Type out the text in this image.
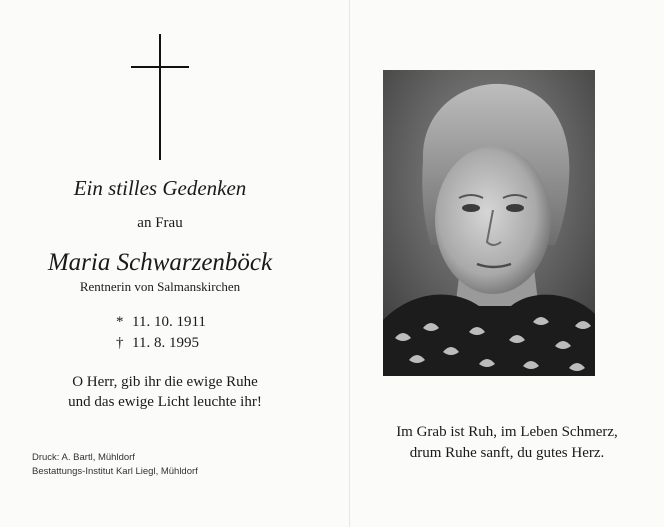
Ein stilles Gedenken
an Frau
Maria Schwarzenböck
Rentnerin von Salmanskirchen
* 11. 10. 1911
† 11. 8. 1995
O Herr, gib ihr die ewige Ruhe
und das ewige Licht leuchte ihr!
Druck: A. Bartl, Mühldorf
Bestattungs-Institut Karl Liegl, Mühldorf
Im Grab ist Ruh, im Leben Schmerz,
drum Ruhe sanft, du gutes Herz.
